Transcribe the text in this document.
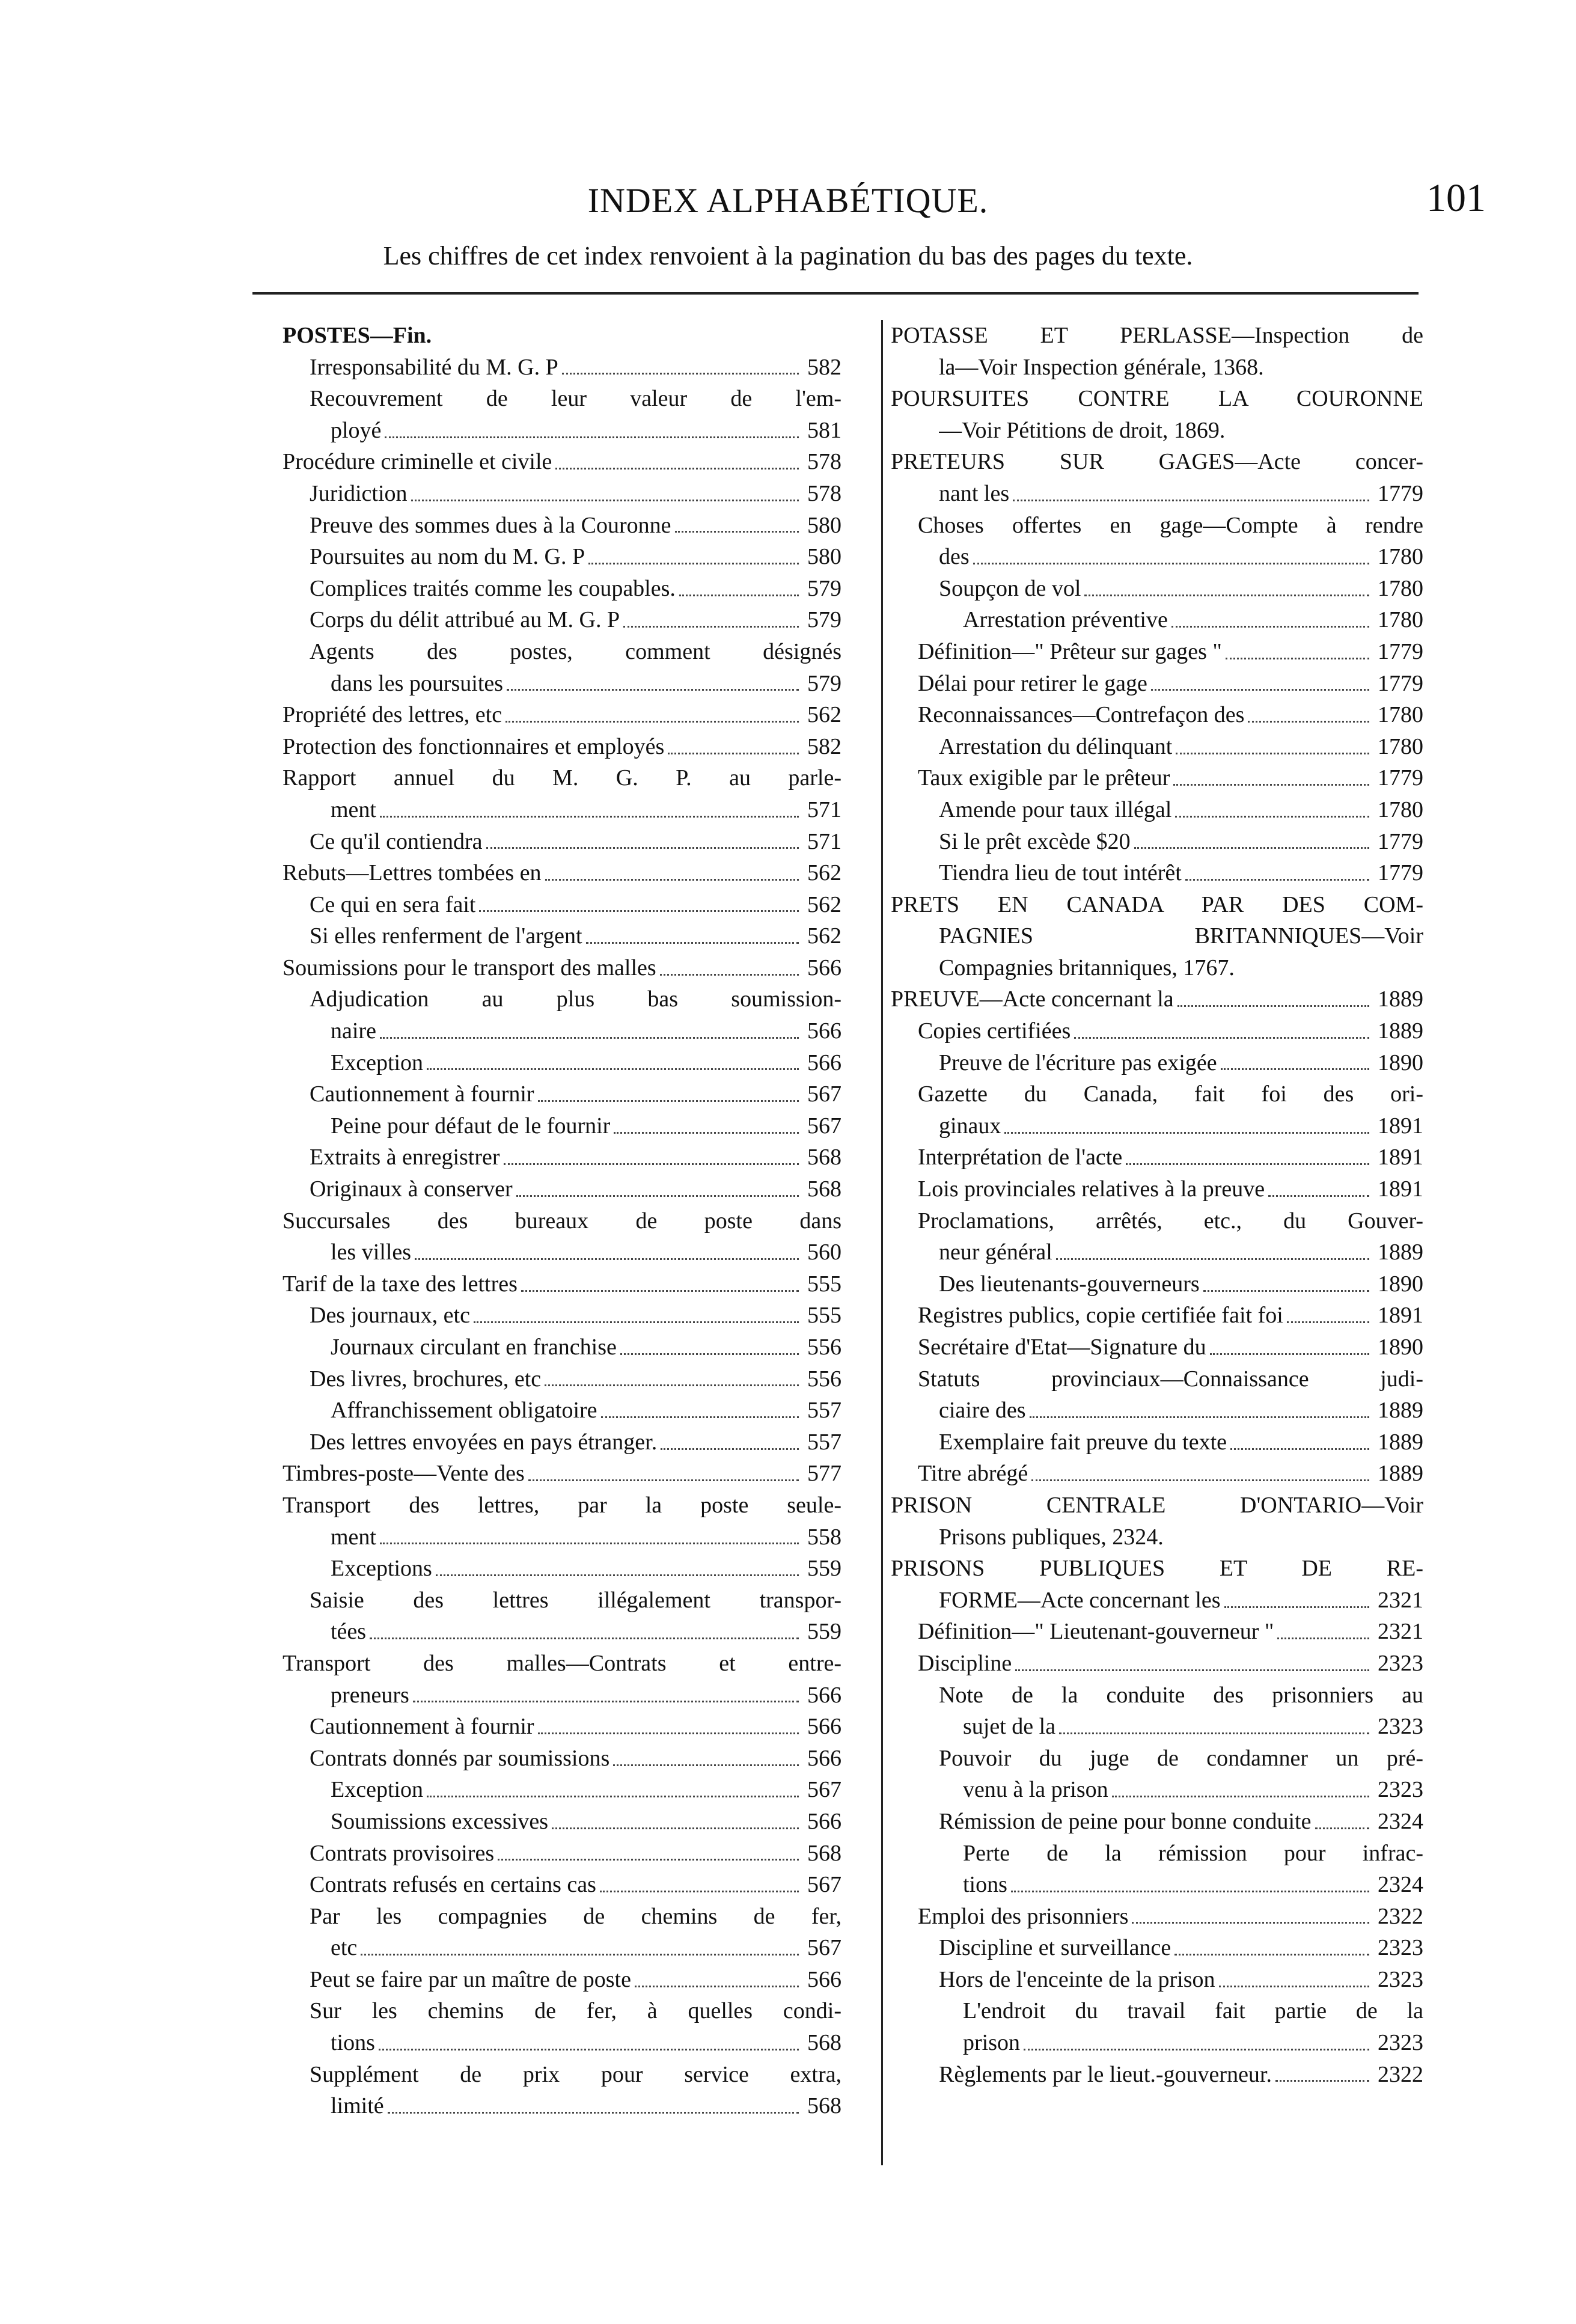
INDEX ALPHABÉTIQUE.	101
Les chiffres de cet index renvoient à la pagination du bas des pages du texte.
POSTES—Fin.
Irresponsabilité du M. G. P	582
Recouvrement de leur valeur de l'em-
ployé	581
Procédure criminelle et civile	578
Juridiction	578
Preuve des sommes dues à la Couronne	580
Poursuites au nom du M. G. P	580
Complices traités comme les coupables.	579
Corps du délit attribué au M. G. P	579
Agents des postes, comment désignés
dans les poursuites	579
Propriété des lettres, etc	562
Protection des fonctionnaires et employés	582
Rapport annuel du M. G. P. au parle-
ment	571
Ce qu'il contiendra	571
Rebuts—Lettres tombées en	562
Ce qui en sera fait	562
Si elles renferment de l'argent	562
Soumissions pour le transport des malles	566
Adjudication au plus bas soumission-
naire	566
Exception	566
Cautionnement à fournir	567
Peine pour défaut de le fournir	567
Extraits à enregistrer	568
Originaux à conserver	568
Succursales des bureaux de poste dans
les villes	560
Tarif de la taxe des lettres	555
Des journaux, etc	555
Journaux circulant en franchise	556
Des livres, brochures, etc	556
Affranchissement obligatoire	557
Des lettres envoyées en pays étranger.	557
Timbres-poste—Vente des	577
Transport des lettres, par la poste seule-
ment	558
Exceptions	559
Saisie des lettres illégalement transpor-
tées	559
Transport des malles—Contrats et entre-
preneurs	566
Cautionnement à fournir	566
Contrats donnés par soumissions	566
Exception	567
Soumissions excessives	566
Contrats provisoires	568
Contrats refusés en certains cas	567
Par les compagnies de chemins de fer,
etc	567
Peut se faire par un maître de poste	566
Sur les chemins de fer, à quelles condi-
tions	568
Supplément de prix pour service extra,
limité	568
POTASSE ET PERLASSE—Inspection de
la—Voir Inspection générale, 1368.
POURSUITES CONTRE LA COURONNE
—Voir Pétitions de droit, 1869.
PRETEURS SUR GAGES—Acte concer-
nant les	1779
Choses offertes en gage—Compte à rendre
des	1780
Soupçon de vol	1780
Arrestation préventive	1780
Définition—" Prêteur sur gages "	1779
Délai pour retirer le gage	1779
Reconnaissances—Contrefaçon des	1780
Arrestation du délinquant	1780
Taux exigible par le prêteur	1779
Amende pour taux illégal	1780
Si le prêt excède $20	1779
Tiendra lieu de tout intérêt	1779
PRETS EN CANADA PAR DES COM-
PAGNIES BRITANNIQUES—Voir
Compagnies britanniques, 1767.
PREUVE—Acte concernant la	1889
Copies certifiées	1889
Preuve de l'écriture pas exigée	1890
Gazette du Canada, fait foi des ori-
ginaux	1891
Interprétation de l'acte	1891
Lois provinciales relatives à la preuve	1891
Proclamations, arrêtés, etc., du Gouver-
neur général	1889
Des lieutenants-gouverneurs	1890
Registres publics, copie certifiée fait foi	1891
Secrétaire d'Etat—Signature du	1890
Statuts provinciaux—Connaissance judi-
ciaire des	1889
Exemplaire fait preuve du texte	1889
Titre abrégé	1889
PRISON CENTRALE D'ONTARIO—Voir
Prisons publiques, 2324.
PRISONS PUBLIQUES ET DE RE-
FORME—Acte concernant les	2321
Définition—" Lieutenant-gouverneur "	2321
Discipline	2323
Note de la conduite des prisonniers au
sujet de la	2323
Pouvoir du juge de condamner un pré-
venu à la prison	2323
Rémission de peine pour bonne conduite	2324
Perte de la rémission pour infrac-
tions	2324
Emploi des prisonniers	2322
Discipline et surveillance	2323
Hors de l'enceinte de la prison	2323
L'endroit du travail fait partie de la
prison	2323
Règlements par le lieut.-gouverneur.	2322
